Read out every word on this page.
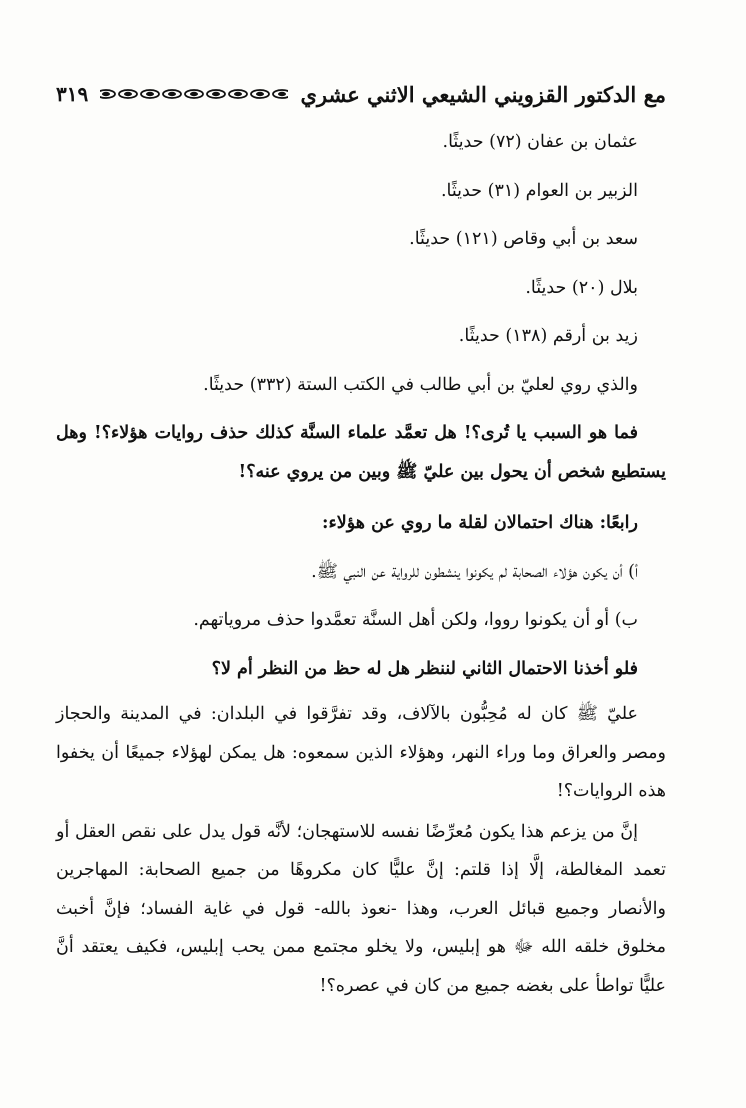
مع الدكتور القزويني الشيعي الاثني عشري
٣١٩
عثمان بن عفان (٧٢) حديثًا.
الزبير بن العوام (٣١) حديثًا.
سعد بن أبي وقاص (١٢١) حديثًا.
بلال (٢٠) حديثًا.
زيد بن أرقم (١٣٨) حديثًا.
والذي روي لعليّ بن أبي طالب في الكتب الستة (٣٣٢) حديثًا.

فما هو السبب يا تُرى؟! هل تعمَّد علماء السنَّة كذلك حذف روايات هؤلاء؟! وهل يستطيع شخص أن يحول بين عليّ ﷺ وبين من يروي عنه؟!

رابعًا: هناك احتمالان لقلة ما روي عن هؤلاء:
أ) أن يكون هؤلاء الصحابة لم يكونوا ينشطون للرواية عن النبي ﷺ.
ب) أو أن يكونوا رووا، ولكن أهل السنَّة تعمَّدوا حذف مروياتهم.
فلو أخذنا الاحتمال الثاني لننظر هل له حظ من النظر أم لا؟

عليّ ﷺ كان له مُحِبُّون بالآلاف، وقد تفرَّقوا في البلدان: في المدينة والحجاز ومصر والعراق وما وراء النهر، وهؤلاء الذين سمعوه: هل يمكن لهؤلاء جميعًا أن يخفوا هذه الروايات؟!

إنَّ من يزعم هذا يكون مُعرِّضًا نفسه للاستهجان؛ لأنَّه قول يدل على نقص العقل أو تعمد المغالطة، إلَّا إذا قلتم: إنَّ عليًّا كان مكروهًا من جميع الصحابة: المهاجرين والأنصار وجميع قبائل العرب، وهذا -نعوذ بالله- قول في غاية الفساد؛ فإنَّ أخبث مخلوق خلقه الله ﷻ هو إبليس، ولا يخلو مجتمع ممن يحب إبليس، فكيف يعتقد أنَّ عليًّا تواطأ على بغضه جميع من كان في عصره؟!
